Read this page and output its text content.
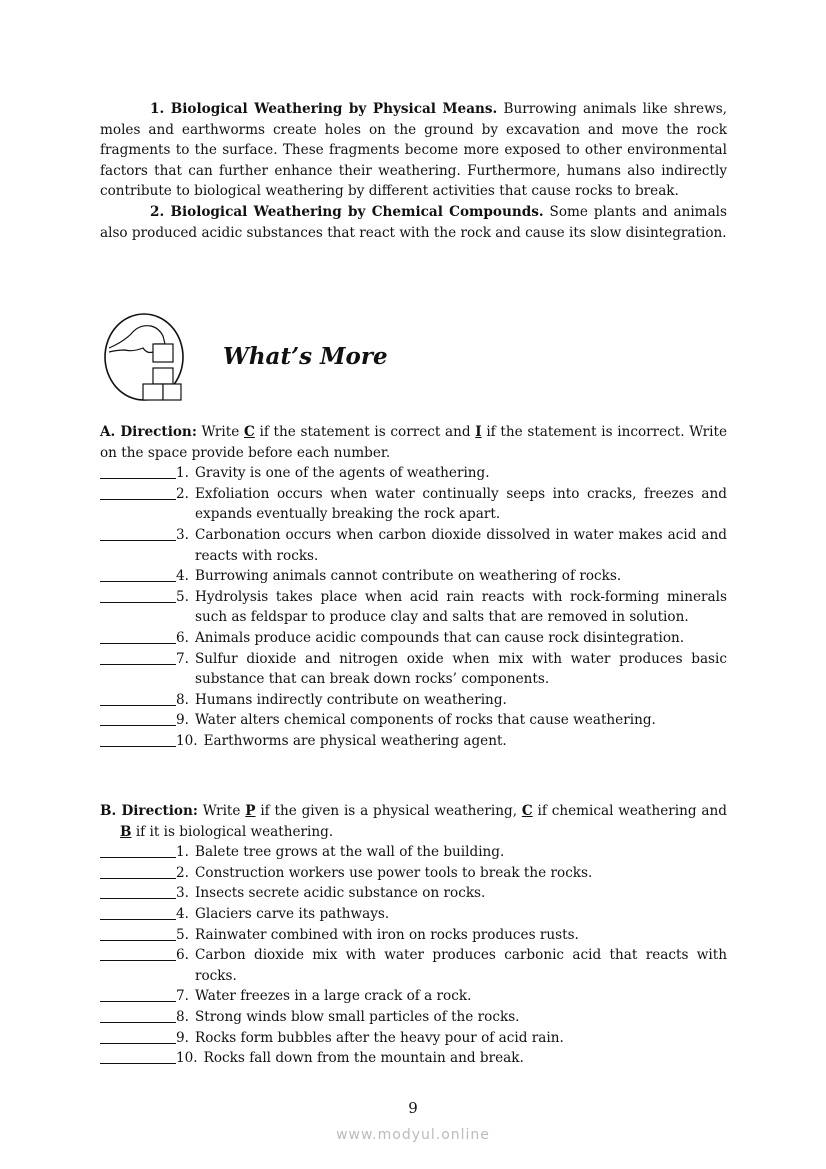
1. Biological Weathering by Physical Means. Burrowing animals like shrews, moles and earthworms create holes on the ground by excavation and move the rock fragments to the surface. These fragments become more exposed to other environmental factors that can further enhance their weathering. Furthermore, humans also indirectly contribute to biological weathering by different activities that cause rocks to break.

2. Biological Weathering by Chemical Compounds. Some plants and animals also produced acidic substances that react with the rock and cause its slow disintegration.

What’s More

A. Direction: Write C if the statement is correct and I if the statement is incorrect. Write on the space provide before each number.

1. Gravity is one of the agents of weathering.
2. Exfoliation occurs when water continually seeps into cracks, freezes and expands eventually breaking the rock apart.
3. Carbonation occurs when carbon dioxide dissolved in water makes acid and reacts with rocks.
4. Burrowing animals cannot contribute on weathering of rocks.
5. Hydrolysis takes place when acid rain reacts with rock-forming minerals such as feldspar to produce clay and salts that are removed in solution.
6. Animals produce acidic compounds that can cause rock disintegration.
7. Sulfur dioxide and nitrogen oxide when mix with water produces basic substance that can break down rocks’ components.
8. Humans indirectly contribute on weathering.
9. Water alters chemical components of rocks that cause weathering.
10. Earthworms are physical weathering agent.

B. Direction: Write P if the given is a physical weathering, C if chemical weathering and B if it is biological weathering.

1. Balete tree grows at the wall of the building.
2. Construction workers use power tools to break the rocks.
3. Insects secrete acidic substance on rocks.
4. Glaciers carve its pathways.
5. Rainwater combined with iron on rocks produces rusts.
6. Carbon dioxide mix with water produces carbonic acid that reacts with rocks.
7. Water freezes in a large crack of a rock.
8. Strong winds blow small particles of the rocks.
9. Rocks form bubbles after the heavy pour of acid rain.
10. Rocks fall down from the mountain and break.
9
www.modyul.online
